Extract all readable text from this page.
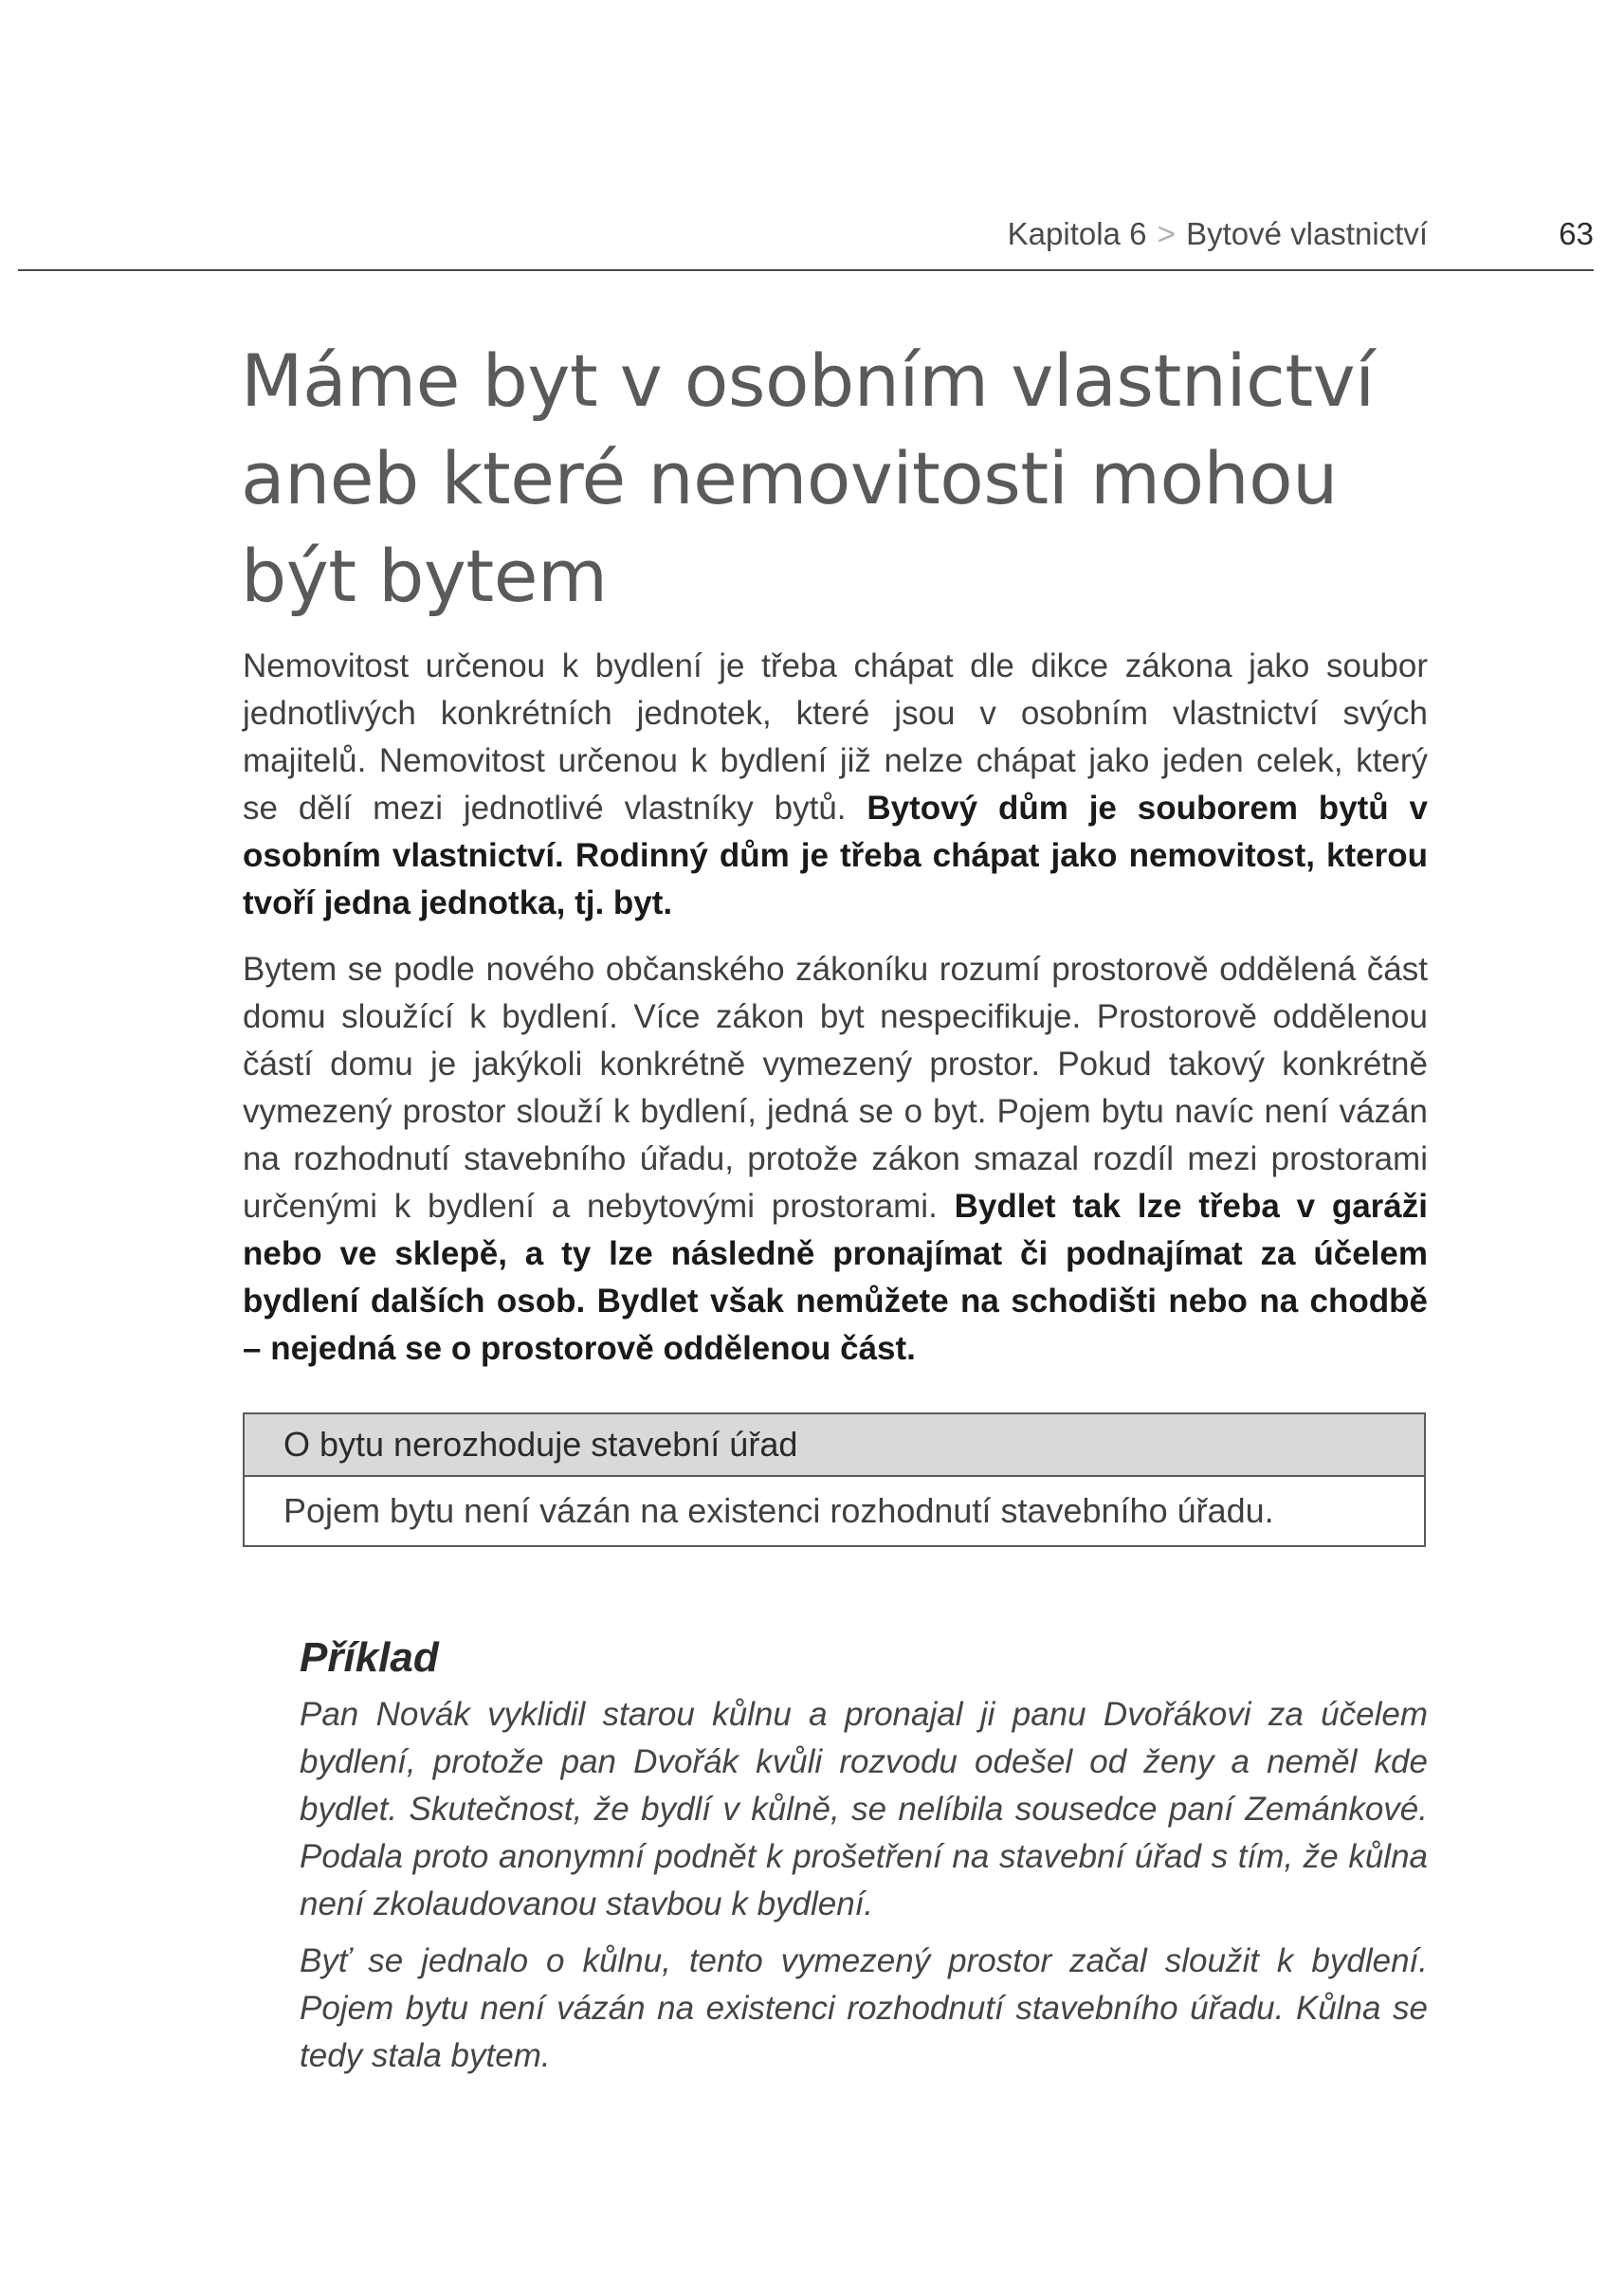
Kapitola 6 > Bytové vlastnictví	63
Máme byt v osobním vlastnictví
aneb které nemovitosti mohou
být bytem

Nemovitost určenou k bydlení je třeba chápat dle dikce zákona jako soubor jednotlivých konkrétních jednotek, které jsou v osobním vlastnictví svých majitelů. Nemovitost určenou k bydlení již nelze chápat jako jeden celek, který se dělí mezi jednotlivé vlastníky bytů. Bytový dům je souborem bytů v osobním vlastnictví. Rodinný dům je třeba chápat jako nemovitost, kterou tvoří jedna jednotka, tj. byt.

Bytem se podle nového občanského zákoníku rozumí prostorově oddělená část domu sloužící k bydlení. Více zákon byt nespecifikuje. Prostorově oddělenou částí domu je jakýkoli konkrétně vymezený prostor. Pokud takový konkrétně vymezený prostor slouží k bydlení, jedná se o byt. Pojem bytu navíc není vázán na rozhodnutí stavebního úřadu, protože zákon smazal rozdíl mezi prostorami určenými k bydlení a nebytovými prostorami. Bydlet tak lze třeba v garáži nebo ve sklepě, a ty lze následně pronajímat či podnajímat za účelem bydlení dalších osob. Bydlet však nemůžete na schodišti nebo na chodbě – nejedná se o prostorově oddělenou část.

O bytu nerozhoduje stavební úřad
Pojem bytu není vázán na existenci rozhodnutí stavebního úřadu.
Příklad

Pan Novák vyklidil starou kůlnu a pronajal ji panu Dvořákovi za účelem bydlení, protože pan Dvořák kvůli rozvodu odešel od ženy a neměl kde bydlet. Skutečnost, že bydlí v kůlně, se nelíbila sousedce paní Zemánkové. Podala proto anonymní podnět k prošetření na stavební úřad s tím, že kůlna není zkolaudovanou stavbou k bydlení.

Byť se jednalo o kůlnu, tento vymezený prostor začal sloužit k bydlení. Pojem bytu není vázán na existenci rozhodnutí stavebního úřadu. Kůlna se tedy stala bytem.
